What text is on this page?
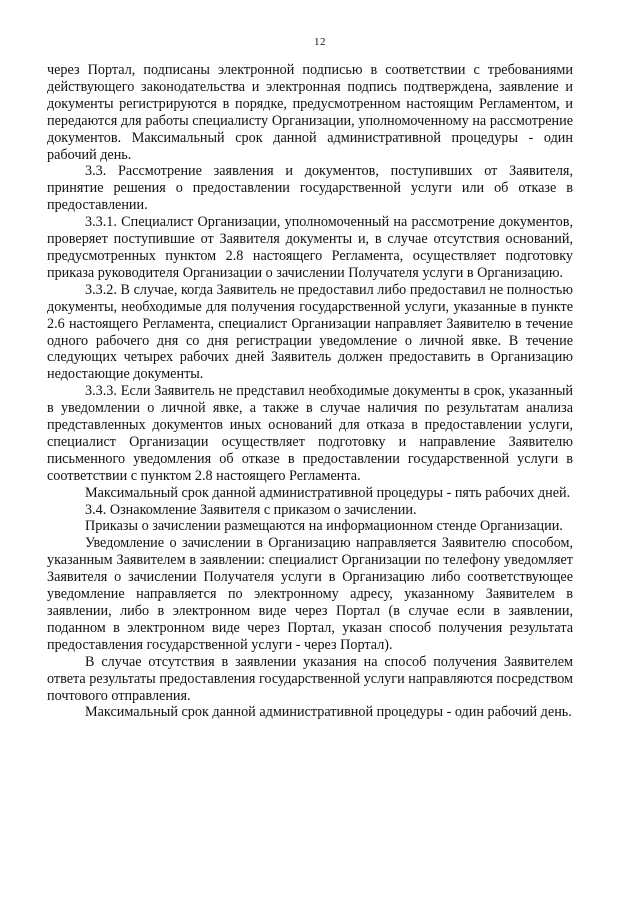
12

через Портал, подписаны электронной подписью в соответствии с требованиями действующего законодательства и электронная подпись подтверждена, заявление и документы регистрируются в порядке, предусмотренном настоящим Регламентом, и передаются для работы специалисту Организации, уполномоченному на рассмотрение документов. Максимальный срок данной административной процедуры - один рабочий день.

3.3. Рассмотрение заявления и документов, поступивших от Заявителя, принятие решения о предоставлении государственной услуги или об отказе в предоставлении.

3.3.1. Специалист Организации, уполномоченный на рассмотрение документов, проверяет поступившие от Заявителя документы и, в случае отсутствия оснований, предусмотренных пунктом 2.8 настоящего Регламента, осуществляет подготовку приказа руководителя Организации о зачислении Получателя услуги в Организацию.

3.3.2. В случае, когда Заявитель не предоставил либо предоставил не полностью документы, необходимые для получения государственной услуги, указанные в пункте 2.6 настоящего Регламента, специалист Организации направляет Заявителю в течение одного рабочего дня со дня регистрации уведомление о личной явке. В течение следующих четырех рабочих дней Заявитель должен предоставить в Организацию недостающие документы.

3.3.3. Если Заявитель не представил необходимые документы в срок, указанный в уведомлении о личной явке, а также в случае наличия по результатам анализа представленных документов иных оснований для отказа в предоставлении услуги, специалист Организации осуществляет подготовку и направление Заявителю письменного уведомления об отказе в предоставлении государственной услуги в соответствии с пунктом 2.8 настоящего Регламента.

Максимальный срок данной административной процедуры - пять рабочих дней.

3.4. Ознакомление Заявителя с приказом о зачислении.

Приказы о зачислении размещаются на информационном стенде Организации.

Уведомление о зачислении в Организацию направляется Заявителю способом, указанным Заявителем в заявлении: специалист Организации по телефону уведомляет Заявителя о зачислении Получателя услуги в Организацию либо соответствующее уведомление направляется по электронному адресу, указанному Заявителем в заявлении, либо в электронном виде через Портал (в случае если в заявлении, поданном в электронном виде через Портал, указан способ получения результата предоставления государственной услуги - через Портал).

В случае отсутствия в заявлении указания на способ получения Заявителем ответа результаты предоставления государственной услуги направляются посредством почтового отправления.

Максимальный срок данной административной процедуры - один рабочий день.
